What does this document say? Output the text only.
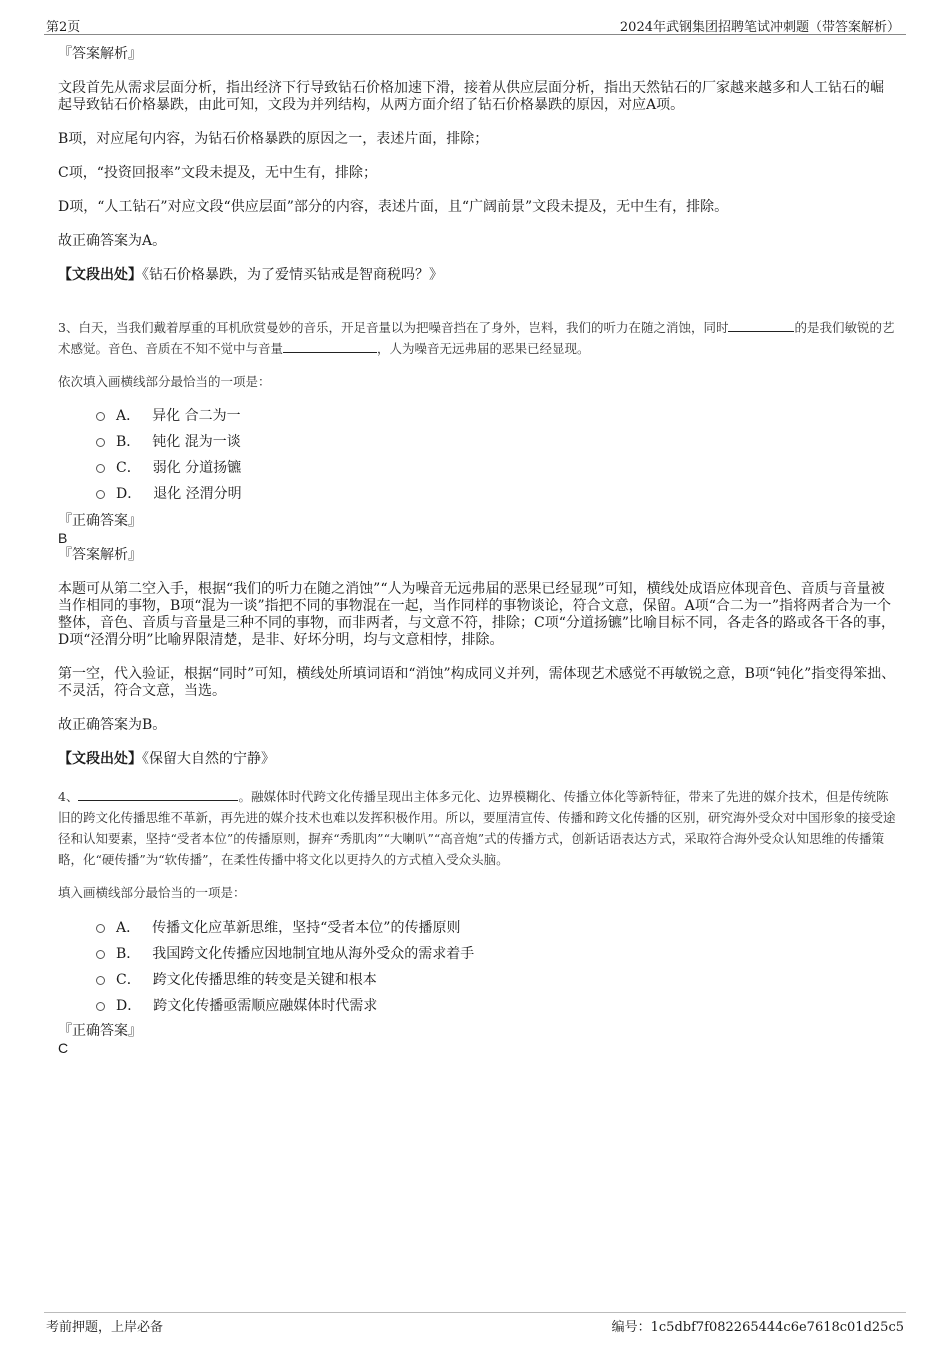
第2页	2024年武钢集团招聘笔试冲刺题（带答案解析）

『答案解析』

文段首先从需求层面分析，指出经济下行导致钻石价格加速下滑，接着从供应层面分析，指出天然钻石的厂家越来越多和人工钻石的崛起导致钻石价格暴跌，由此可知，文段为并列结构，从两方面介绍了钻石价格暴跌的原因，对应A项。

B项，对应尾句内容，为钻石价格暴跌的原因之一，表述片面，排除；

C项，“投资回报率”文段未提及，无中生有，排除；

D项，“人工钻石”对应文段“供应层面”部分的内容，表述片面，且“广阔前景”文段未提及，无中生有，排除。

故正确答案为A。

【文段出处】《钻石价格暴跌，为了爱情买钻戒是智商税吗？》

3、白天，当我们戴着厚重的耳机欣赏曼妙的音乐，开足音量以为把噪音挡在了身外，岂料，我们的听力在随之消蚀，同时	的是我们敏锐的艺术感觉。音色、音质在不知不觉中与音量	，人为噪音无远弗届的恶果已经显现。

依次填入画横线部分最恰当的一项是：

A． 异化 合二为一
B． 钝化 混为一谈
C． 弱化 分道扬镳
D． 退化 泾渭分明

『正确答案』

B

『答案解析』

本题可从第二空入手，根据“我们的听力在随之消蚀”“人为噪音无远弗届的恶果已经显现”可知，横线处成语应体现音色、音质与音量被当作相同的事物，B项“混为一谈”指把不同的事物混在一起，当作同样的事物谈论，符合文意，保留。A项“合二为一”指将两者合为一个整体，音色、音质与音量是三种不同的事物，而非两者，与文意不符，排除；C项“分道扬镳”比喻目标不同，各走各的路或各干各的事，D项“泾渭分明”比喻界限清楚，是非、好坏分明，均与文意相悖，排除。

第一空，代入验证，根据“同时”可知，横线处所填词语和“消蚀”构成同义并列，需体现艺术感觉不再敏锐之意，B项“钝化”指变得笨拙、不灵活，符合文意，当选。

故正确答案为B。

【文段出处】《保留大自然的宁静》

4、	。融媒体时代跨文化传播呈现出主体多元化、边界模糊化、传播立体化等新特征，带来了先进的媒介技术，但是传统陈旧的跨文化传播思维不革新，再先进的媒介技术也难以发挥积极作用。所以，要厘清宣传、传播和跨文化传播的区别，研究海外受众对中国形象的接受途径和认知要素，坚持“受者本位”的传播原则，摒弃“秀肌肉”“大喇叭”“高音炮”式的传播方式，创新话语表达方式，采取符合海外受众认知思维的传播策略，化“硬传播”为“软传播”，在柔性传播中将文化以更持久的方式植入受众头脑。

填入画横线部分最恰当的一项是：

A． 传播文化应革新思维，坚持“受者本位”的传播原则
B． 我国跨文化传播应因地制宜地从海外受众的需求着手
C． 跨文化传播思维的转变是关键和根本
D． 跨文化传播亟需顺应融媒体时代需求

『正确答案』

C

考前押题，上岸必备	编号：1c5dbf7f082265444c6e7618c01d25c5
